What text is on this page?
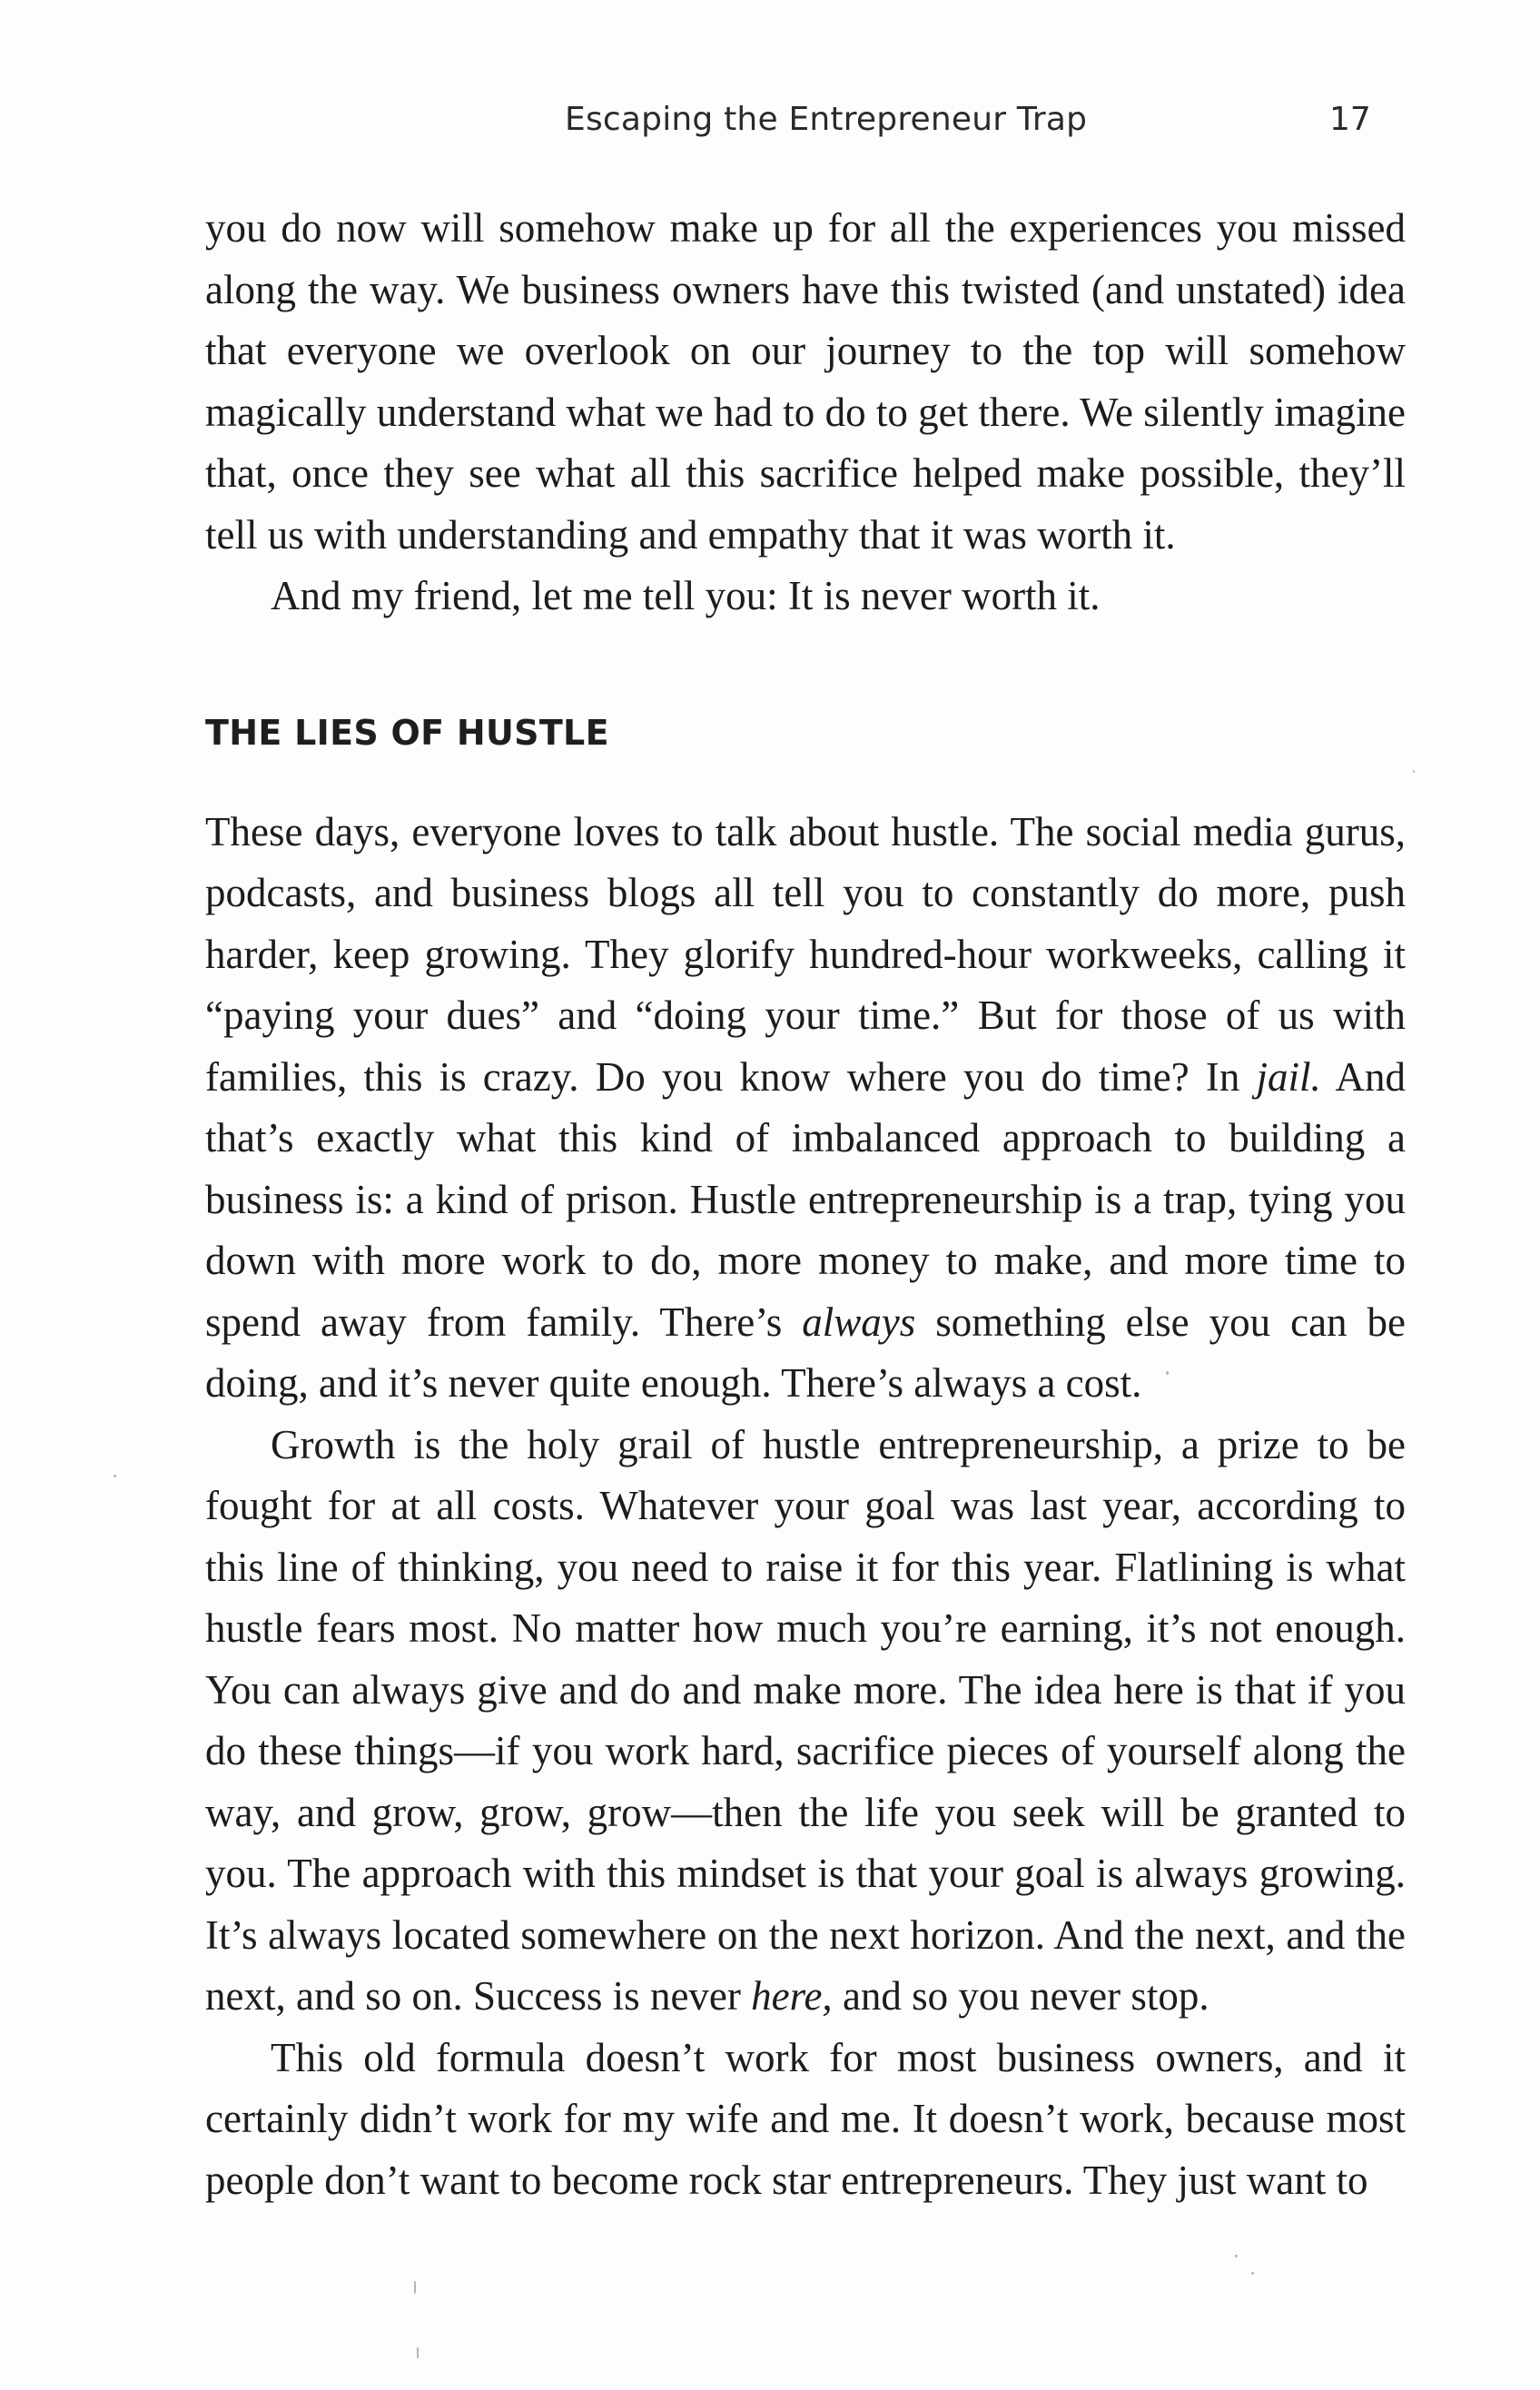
Escaping the Entrepreneur Trap	17

you do now will somehow make up for all the experiences you missed along the way. We business owners have this twisted (and unstated) idea that everyone we overlook on our journey to the top will somehow magically understand what we had to do to get there. We silently imagine that, once they see what all this sacrifice helped make possible, they’ll tell us with understanding and empathy that it was worth it.

And my friend, let me tell you: It is never worth it.

THE LIES OF HUSTLE

These days, everyone loves to talk about hustle. The social media gurus, podcasts, and business blogs all tell you to constantly do more, push harder, keep growing. They glorify hundred-hour workweeks, calling it “paying your dues” and “doing your time.” But for those of us with families, this is crazy. Do you know where you do time? In jail. And that’s exactly what this kind of imbalanced approach to building a business is: a kind of prison. Hustle entrepreneurship is a trap, tying you down with more work to do, more money to make, and more time to spend away from family. There’s always something else you can be doing, and it’s never quite enough. There’s always a cost.

Growth is the holy grail of hustle entrepreneurship, a prize to be fought for at all costs. Whatever your goal was last year, according to this line of thinking, you need to raise it for this year. Flatlining is what hustle fears most. No matter how much you’re earning, it’s not enough. You can always give and do and make more. The idea here is that if you do these things—if you work hard, sacrifice pieces of yourself along the way, and grow, grow, grow—then the life you seek will be granted to you. The approach with this mindset is that your goal is always growing. It’s always located somewhere on the next horizon. And the next, and the next, and so on. Success is never here, and so you never stop.

This old formula doesn’t work for most business owners, and it certainly didn’t work for my wife and me. It doesn’t work, because most people don’t want to become rock star entrepreneurs. They just want to
